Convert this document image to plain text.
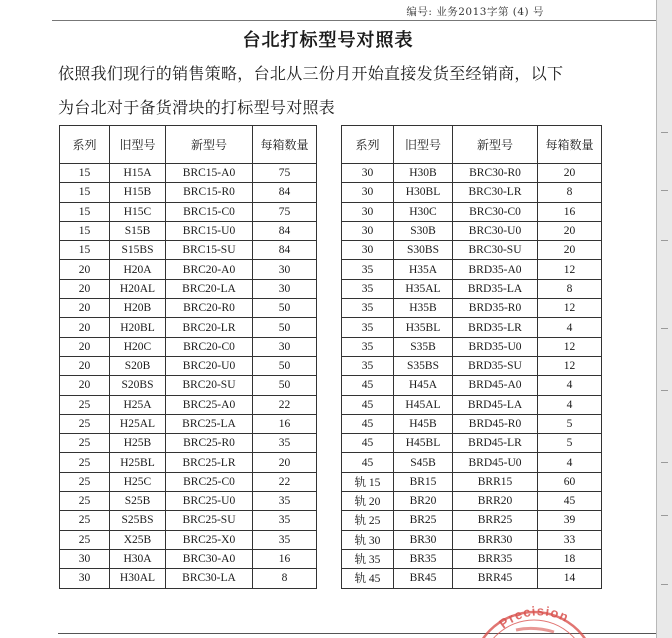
编号: 业务2013字第 (4) 号
台北打标型号对照表
依照我们现行的销售策略，台北从三份月开始直接发货至经销商，以下
为台北对于备货滑块的打标型号对照表
系列	旧型号	新型号	每箱数量
15	H15A	BRC15-A0	75
15	H15B	BRC15-R0	84
15	H15C	BRC15-C0	75
15	S15B	BRC15-U0	84
15	S15BS	BRC15-SU	84
20	H20A	BRC20-A0	30
20	H20AL	BRC20-LA	30
20	H20B	BRC20-R0	50
20	H20BL	BRC20-LR	50
20	H20C	BRC20-C0	30
20	S20B	BRC20-U0	50
20	S20BS	BRC20-SU	50
25	H25A	BRC25-A0	22
25	H25AL	BRC25-LA	16
25	H25B	BRC25-R0	35
25	H25BL	BRC25-LR	20
25	H25C	BRC25-C0	22
25	S25B	BRC25-U0	35
25	S25BS	BRC25-SU	35
25	X25B	BRC25-X0	35
30	H30A	BRC30-A0	16
30	H30AL	BRC30-LA	8
系列	旧型号	新型号	每箱数量
30	H30B	BRC30-R0	20
30	H30BL	BRC30-LR	8
30	H30C	BRC30-C0	16
30	S30B	BRC30-U0	20
30	S30BS	BRC30-SU	20
35	H35A	BRD35-A0	12
35	H35AL	BRD35-LA	8
35	H35B	BRD35-R0	12
35	H35BL	BRD35-LR	4
35	S35B	BRD35-U0	12
35	S35BS	BRD35-SU	12
45	H45A	BRD45-A0	4
45	H45AL	BRD45-LA	4
45	H45B	BRD45-R0	5
45	H45BL	BRD45-LR	5
45	S45B	BRD45-U0	4
轨 15	BR15	BRR15	60
轨 20	BR20	BRR20	45
轨 25	BR25	BRR25	39
轨 30	BR30	BRR30	33
轨 35	BR35	BRR35	18
轨 45	BR45	BRR45	14
Precision
